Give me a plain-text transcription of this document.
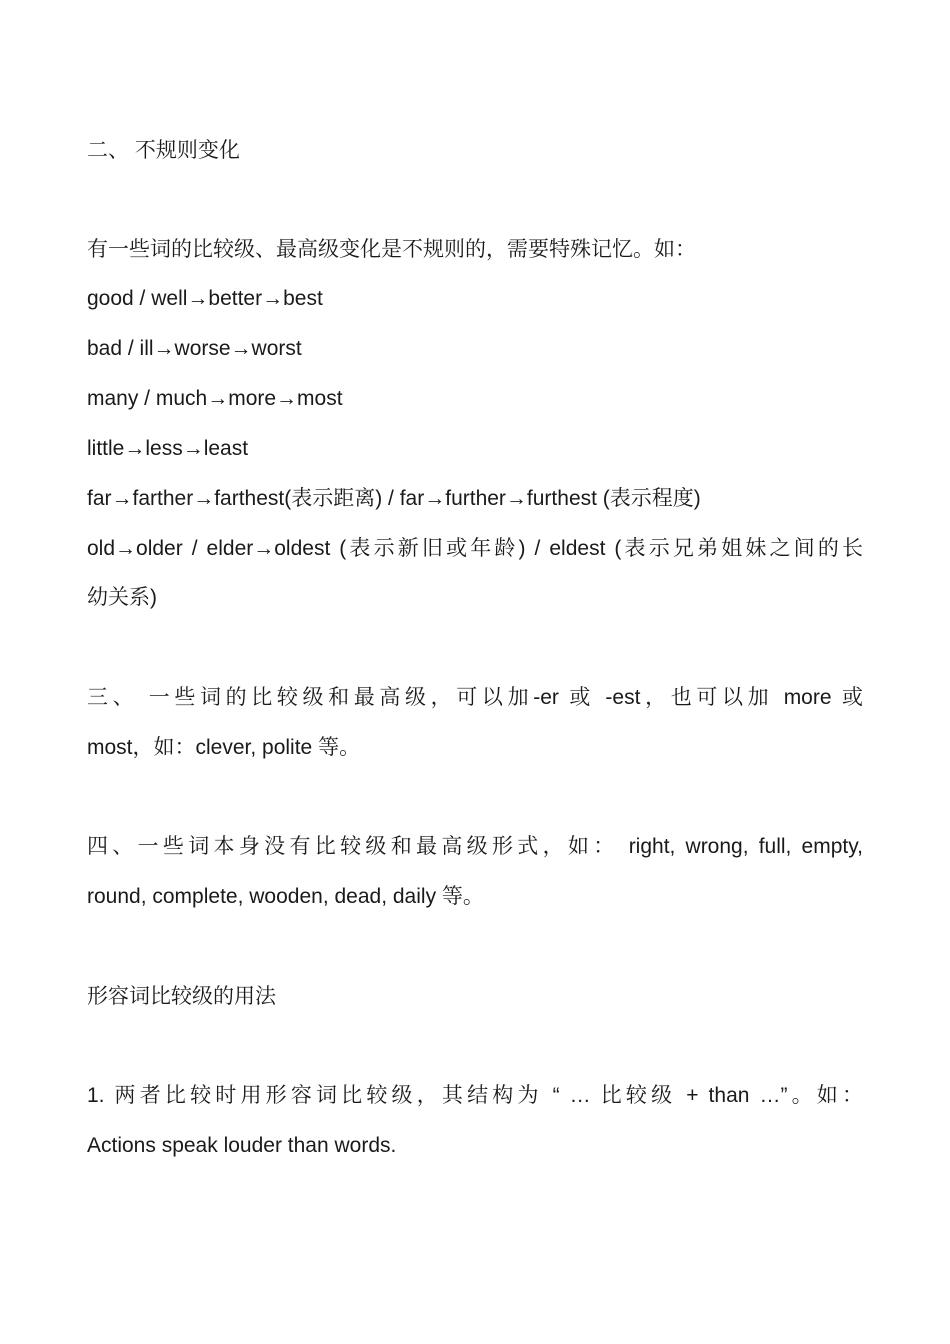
二、 不规则变化
有一些词的比较级、最高级变化是不规则的，需要特殊记忆。如：
good / well→better→best
bad / ill→worse→worst
many / much→more→most
little→less→least
far→farther→farthest(表示距离) / far→further→furthest (表示程度)
old→older / elder→oldest (表示新旧或年龄) / eldest (表示兄弟姐妹之间的长
幼关系)
三、 一些词的比较级和最高级，可以加-er 或 -est，也可以加 more 或
most，如：clever, polite 等。
四、一些词本身没有比较级和最高级形式，如： right, wrong, full, empty,
round, complete, wooden, dead, daily 等。
形容词比较级的用法
1. 两者比较时用形容词比较级，其结构为 “ … 比较级 + than …”。如：
Actions speak louder than words.
